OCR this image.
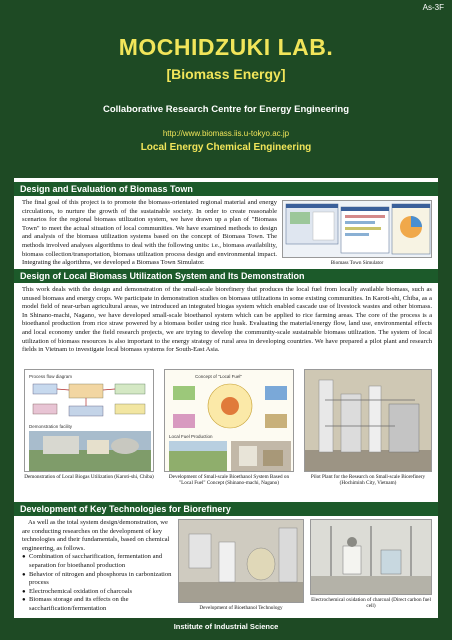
As-3F
MOCHIDZUKI LAB.
[Biomass Energy]
Collaborative Research Centre for Energy Engineering
http://www.biomass.iis.u-tokyo.ac.jp
Local Energy Chemical Engineering
Design and Evaluation of Biomass Town
The final goal of this project is to promote the biomass-orientated regional material and energy circulations, to nurture the growth of the sustainable society. In order to create reasonable scenarios for the regional biomass utilization system, we have drawn up a plan of "Biomass Town" to meet the actual situation of local communities. We have examined methods to design and analysis of the biomass utilization systems based on the concept of Biomass Town. The methods involved analyses algorithms to deal with the following units: i.e., biomass availability, biomass collection/transportation, biomass utilization process design and environmental impact. Integrating the algorithms, we developed a Biomass Town Simulator.	Biomass Town Simulator
Design of Local Biomass Utilization System and Its Demonstration
This work deals with the design and demonstration of the small-scale biorefinery that produces the local fuel from locally available biomass, such as unused biomass and energy crops. We participate in demonstration studies on biomass utilizations in some existing communities. In Karoti-shi, Chiba, as a model field of near-urban agricultural areas, we introduced an integrated biogas system which enabled cascade use of livestock wastes and other biomass. In Shinano-machi, Nagano, we have developed small-scale bioethanol system which can be applied to rice farming areas. The core of the process is a bioethanol production from rice straw powered by a biomass boiler using rice husk. Evaluating the material/energy flow, land use, environmental effects and local economy under the field research projects, we are trying to develop the community-scale sustainable biomass utilization. The system of local utilization of biomass resources is also important to the energy strategy of rural area in developing countries. We have prepared a pilot plant and research fields in Vietnam to investigate local biomass systems for South-East Asia.
Process flow diagram
Demonstration facility
Demonstration of Local Biogas Utilization (Karoti-shi, Chiba)
Concept of "Local Fuel"
Local Fuel Production
Development of Small-scale Bioethanol System Based on "Local Fuel" Concept (Shinano-machi, Nagano)
Pilot Plant for the Research on Small-scale Biorefinery (Hochiminh City, Vietnam)
Development of Key Technologies for Biorefinery
As well as the total system design/demonstration, we are conducting researches on the development of key technologies and their fundamentals, based on chemical engineering, as follows.
● Combination of saccharification, fermentation and separation for bioethanol production
● Behavior of nitrogen and phosphorus in carbonization process
● Electrochemical oxidation of charcoals
● Biomass storage and its effects on the saccharification/fermentation	Development of Bioethanol Technology
Electrochemical oxidation of charcoal (Direct carbon fuel cell)
Institute of Industrial Science
